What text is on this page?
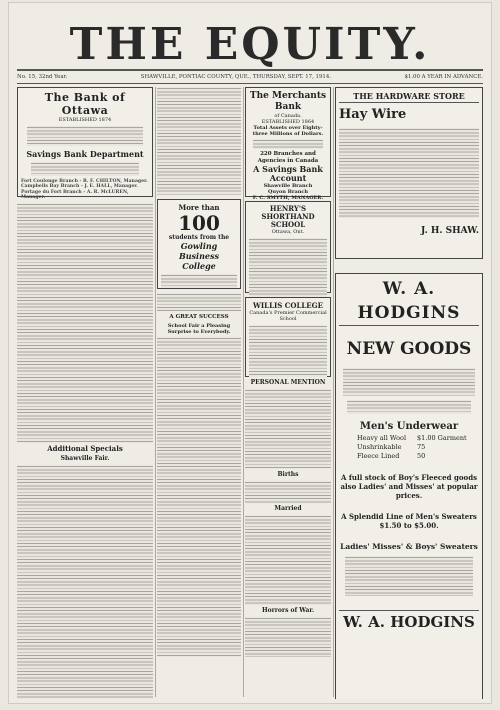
THE EQUITY.
No. 15, 32nd Year.	SHAWVILLE, PONTIAC COUNTY, QUE., THURSDAY, SEPT. 17, 1914.	$1.00 A YEAR IN ADVANCE.
The Bank of Ottawa
ESTABLISHED 1874
Savings Bank Department
Fort Coulonge Branch - R. F. CHILTON, Manager.
Campbells Bay Branch - J. E. HALL, Manager.
Portage du Fort Branch - A. R. McLUREN, Manager.
Additional Specials
Shawville Fair.
More than
100
students from the
Gowling Business College
A GREAT SUCCESS
School Fair a Pleasing Surprise to Everybody.
The Merchants Bank
of Canada.
ESTABLISHED 1864
Total Assets over Eighty-three Millions of Dollars.
220 Branches and Agencies in Canada
A Savings Bank Account
Shawville Branch
Quyon Branch
F. C. SMYTH, MANAGER.
HENRY'S SHORTHAND SCHOOL
Ottawa, Ont.
WILLIS COLLEGE
Canada's Premier Commercial School
PERSONAL MENTION
Births
Married
Horrors of War.
THE HARDWARE STORE
Hay Wire
J. H. SHAW.
W. A. HODGINS
NEW GOODS
Men's Underwear
Heavy all Wool $1.00 Garment
Unshrinkable 75
Fleece Lined	50
A full stock of Boy's Fleeced goods also Ladies' and Misses' at popular prices.
A Splendid Line of Men's Sweaters $1.50 to $5.00.
Ladies' Misses' & Boys' Sweaters
W. A. HODGINS
